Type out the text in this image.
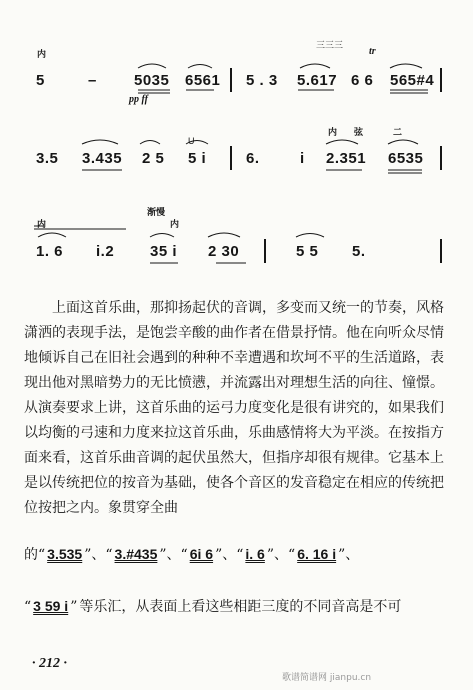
内
三三三
tr
5	– 5035 6561 5 . 3 5.617 6 6 565#4
pp ff
内 弦	二
U
3.5 3.435 2 5 5 i	6.	i 2.351 6535
内
渐慢
内
1. 6 i.2 35 i 2 30	5 5 5.

上面这首乐曲，那抑扬起伏的音调，多变而又统一的节奏，风格潇洒的表现手法，是饱尝辛酸的曲作者在借景抒情。他在向听众尽情地倾诉自己在旧社会遇到的种种不幸遭遇和坎坷不平的生活道路，表现出他对黑暗势力的无比愤懑，并流露出对理想生活的向往、憧憬。从演奏要求上讲，这首乐曲的运弓力度变化是很有讲究的，如果我们以均衡的弓速和力度来拉这首乐曲，乐曲感情将大为平淡。在按指方面来看，这首乐曲音调的起伏虽然大，但指序却很有规律。它基本上是以传统把位的按音为基础，使各个音区的发音稳定在相应的传统把位按把之内。象贯穿全曲

的“ 3.535 ”、“ 3.#435 ”、“ 6i 6 ”、“ i. 6 ”、“ 6. 16 i ”、
“ 3 59 i ” 等乐汇，从表面上看这些相距三度的不同音高是不可
· 212 ·
歌谱简谱网 jianpu.cn
